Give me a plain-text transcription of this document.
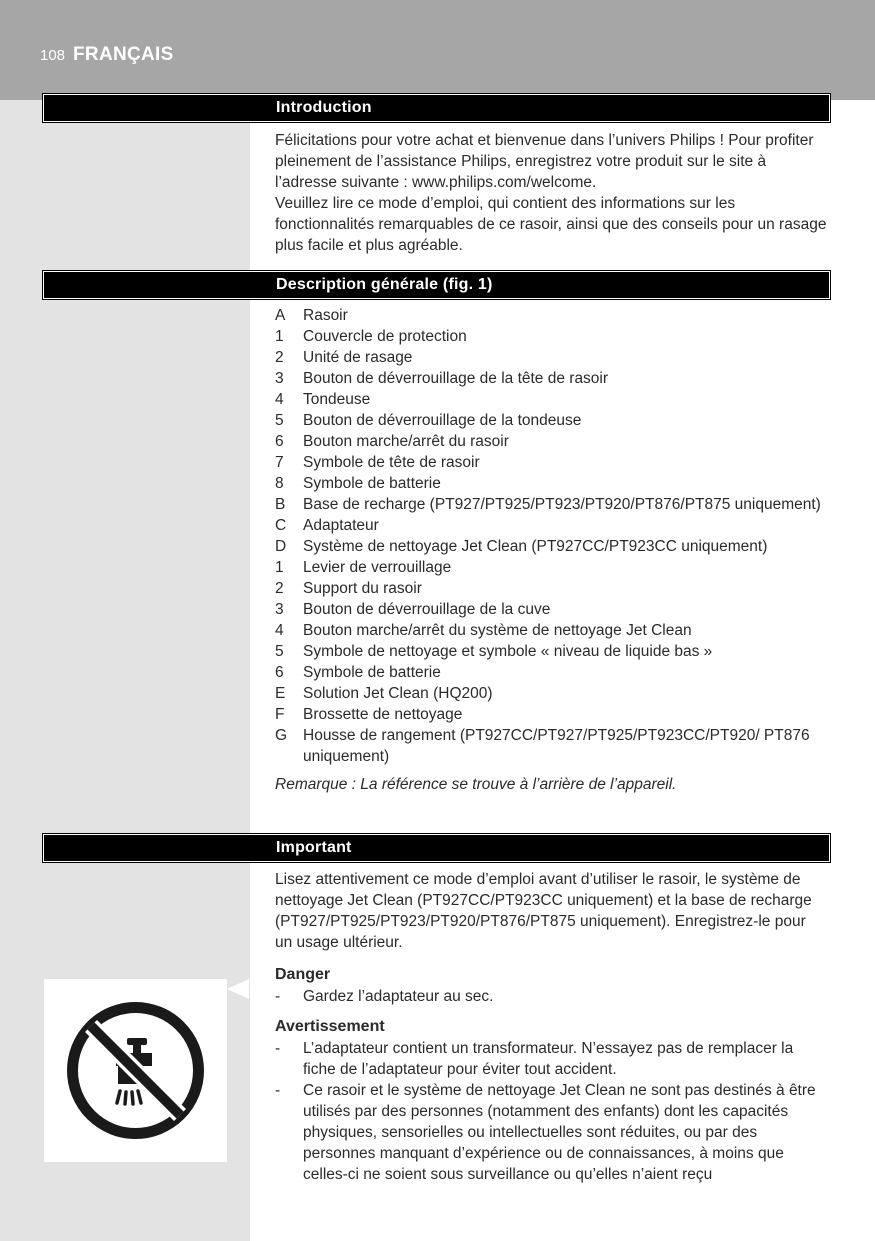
108 FRANÇAIS
Introduction

Félicitations pour votre achat et bienvenue dans l’univers Philips ! Pour profiter pleinement de l’assistance Philips, enregistrez votre produit sur le site à l’adresse suivante : www.philips.com/welcome.

Veuillez lire ce mode d’emploi, qui contient des informations sur les fonctionnalités remarquables de ce rasoir, ainsi que des conseils pour un rasage plus facile et plus agréable.

Description générale (fig. 1)
A	Rasoir
1	Couvercle de protection
2	Unité de rasage
3	Bouton de déverrouillage de la tête de rasoir
4	Tondeuse
5	Bouton de déverrouillage de la tondeuse
6	Bouton marche/arrêt du rasoir
7	Symbole de tête de rasoir
8	Symbole de batterie
B	Base de recharge (PT927/PT925/PT923/PT920/PT876/PT875 uniquement)
C	Adaptateur
D	Système de nettoyage Jet Clean (PT927CC/PT923CC uniquement)
1	Levier de verrouillage
2	Support du rasoir
3	Bouton de déverrouillage de la cuve
4	Bouton marche/arrêt du système de nettoyage Jet Clean
5	Symbole de nettoyage et symbole « niveau de liquide bas »
6	Symbole de batterie
E	Solution Jet Clean (HQ200)
F	Brossette de nettoyage
G	Housse de rangement (PT927CC/PT927/PT925/PT923CC/PT920/ PT876 uniquement)

Remarque : La référence se trouve à l’arrière de l’appareil.

Important

Lisez attentivement ce mode d’emploi avant d’utiliser le rasoir, le système de nettoyage Jet Clean (PT927CC/PT923CC uniquement) et la base de recharge (PT927/PT925/PT923/PT920/PT876/PT875 uniquement). Enregistrez-le pour un usage ultérieur.

Danger
-	Gardez l’adaptateur au sec.
Avertissement
-	L’adaptateur contient un transformateur. N’essayez pas de remplacer la fiche de l’adaptateur pour éviter tout accident.
-	Ce rasoir et le système de nettoyage Jet Clean ne sont pas destinés à être utilisés par des personnes (notamment des enfants) dont les capacités physiques, sensorielles ou intellectuelles sont réduites, ou par des personnes manquant d’expérience ou de connaissances, à moins que celles-ci ne soient sous surveillance ou qu’elles n’aient reçu
